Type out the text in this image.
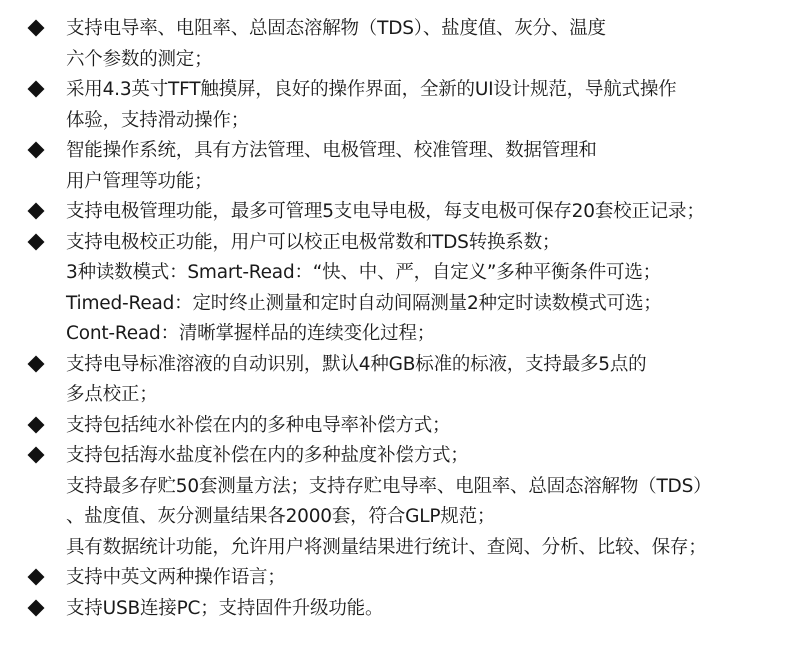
支持电导率、电阻率、总固态溶解物（TDS）、盐度值、灰分、温度
六个参数的测定；
采用4.3英寸TFT触摸屏，良好的操作界面，全新的UI设计规范，导航式操作
体验，支持滑动操作；
智能操作系统，具有方法管理、电极管理、校准管理、数据管理和
用户管理等功能；
支持电极管理功能，最多可管理5支电导电极，每支电极可保存20套校正记录；
支持电极校正功能，用户可以校正电极常数和TDS转换系数；
3种读数模式：Smart-Read：“快、中、严，自定义”多种平衡条件可选；
Timed-Read：定时终止测量和定时自动间隔测量2种定时读数模式可选；
Cont-Read：清晰掌握样品的连续变化过程；
支持电导标准溶液的自动识别，默认4种GB标准的标液，支持最多5点的
多点校正；
支持包括纯水补偿在内的多种电导率补偿方式；
支持包括海水盐度补偿在内的多种盐度补偿方式；
支持最多存贮50套测量方法；支持存贮电导率、电阻率、总固态溶解物（TDS）
、盐度值、灰分测量结果各2000套，符合GLP规范；
具有数据统计功能，允许用户将测量结果进行统计、查阅、分析、比较、保存；
支持中英文两种操作语言；
支持USB连接PC；支持固件升级功能。
